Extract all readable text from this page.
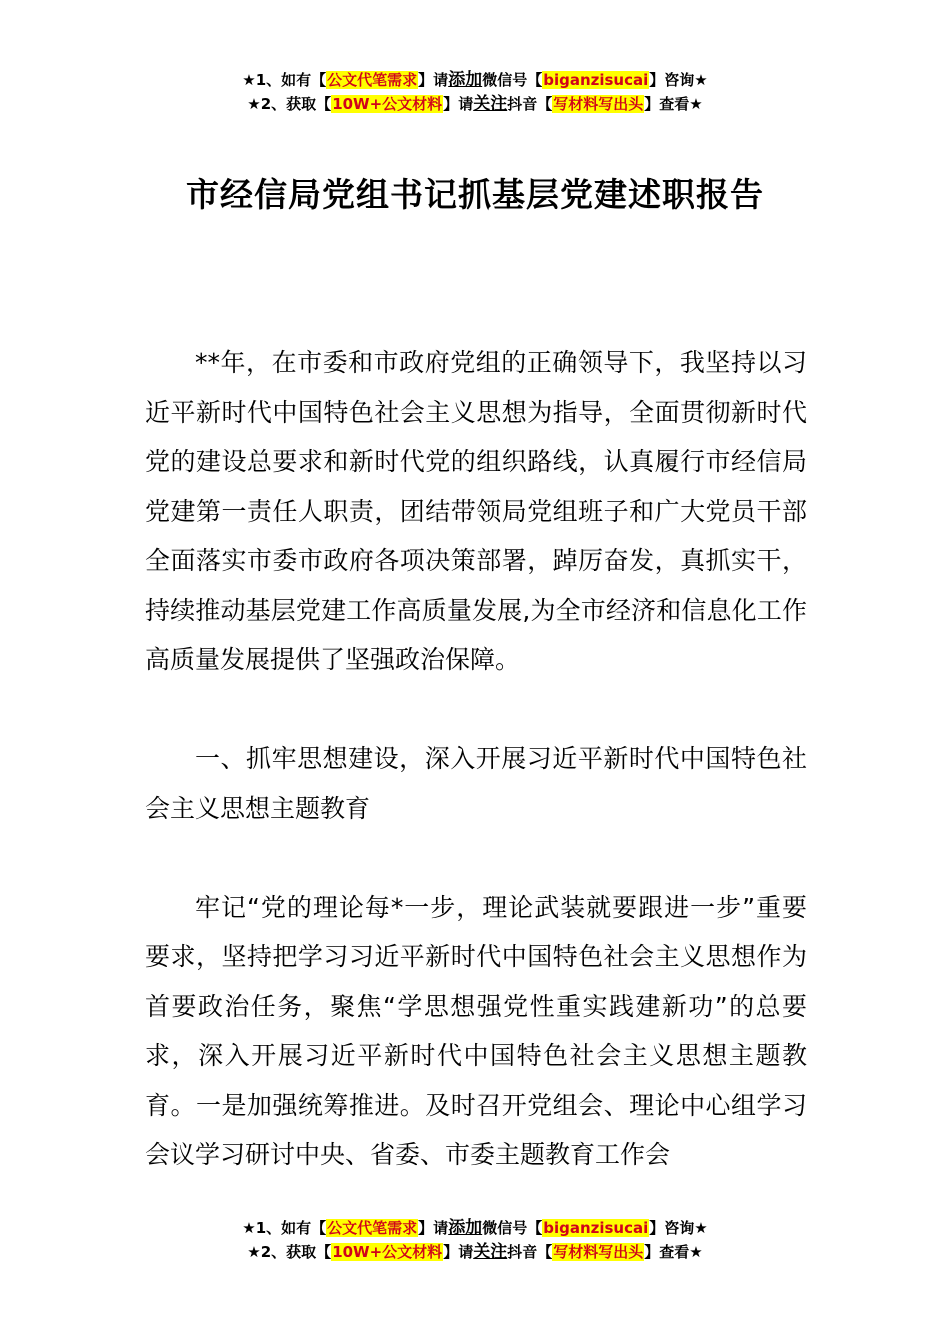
★1、如有【公文代笔需求】请添加微信号【biganzisucai】咨询★
★2、获取【10W+公文材料】请关注抖音【写材料写出头】查看★
市经信局党组书记抓基层党建述职报告

**年，在市委和市政府党组的正确领导下，我坚持以习近平新时代中国特色社会主义思想为指导，全面贯彻新时代党的建设总要求和新时代党的组织路线，认真履行市经信局党建第一责任人职责，团结带领局党组班子和广大党员干部全面落实市委市政府各项决策部署，踔厉奋发，真抓实干，持续推动基层党建工作高质量发展,为全市经济和信息化工作高质量发展提供了坚强政治保障。

一、抓牢思想建设，深入开展习近平新时代中国特色社会主义思想主题教育

牢记“党的理论每*一步，理论武装就要跟进一步”重要要求，坚持把学习习近平新时代中国特色社会主义思想作为首要政治任务，聚焦“学思想强党性重实践建新功”的总要求，深入开展习近平新时代中国特色社会主义思想主题教育。一是加强统筹推进。及时召开党组会、理论中心组学习会议学习研讨中央、省委、市委主题教育工作会

★1、如有【公文代笔需求】请添加微信号【biganzisucai】咨询★
★2、获取【10W+公文材料】请关注抖音【写材料写出头】查看★
